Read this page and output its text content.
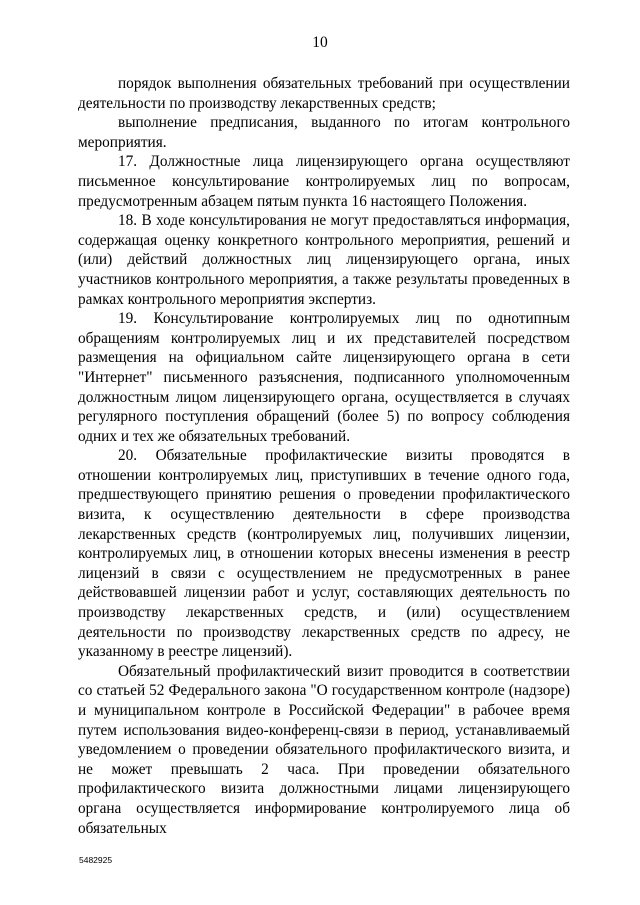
10

порядок выполнения обязательных требований при осуществлении деятельности по производству лекарственных средств;

выполнение предписания, выданного по итогам контрольного мероприятия.

17. Должностные лица лицензирующего органа осуществляют письменное консультирование контролируемых лиц по вопросам, предусмотренным абзацем пятым пункта 16 настоящего Положения.

18. В ходе консультирования не могут предоставляться информация, содержащая оценку конкретного контрольного мероприятия, решений и (или) действий должностных лиц лицензирующего органа, иных участников контрольного мероприятия, а также результаты проведенных в рамках контрольного мероприятия экспертиз.

19. Консультирование контролируемых лиц по однотипным обращениям контролируемых лиц и их представителей посредством размещения на официальном сайте лицензирующего органа в сети "Интернет" письменного разъяснения, подписанного уполномоченным должностным лицом лицензирующего органа, осуществляется в случаях регулярного поступления обращений (более 5) по вопросу соблюдения одних и тех же обязательных требований.

20. Обязательные профилактические визиты проводятся в отношении контролируемых лиц, приступивших в течение одного года, предшествующего принятию решения о проведении профилактического визита, к осуществлению деятельности в сфере производства лекарственных средств (контролируемых лиц, получивших лицензии, контролируемых лиц, в отношении которых внесены изменения в реестр лицензий в связи с осуществлением не предусмотренных в ранее действовавшей лицензии работ и услуг, составляющих деятельность по производству лекарственных средств, и (или) осуществлением деятельности по производству лекарственных средств по адресу, не указанному в реестре лицензий).

Обязательный профилактический визит проводится в соответствии со статьей 52 Федерального закона "О государственном контроле (надзоре) и муниципальном контроле в Российской Федерации" в рабочее время путем использования видео-конференц-связи в период, устанавливаемый уведомлением о проведении обязательного профилактического визита, и не может превышать 2 часа. При проведении обязательного профилактического визита должностными лицами лицензирующего органа осуществляется информирование контролируемого лица об обязательных

5482925
